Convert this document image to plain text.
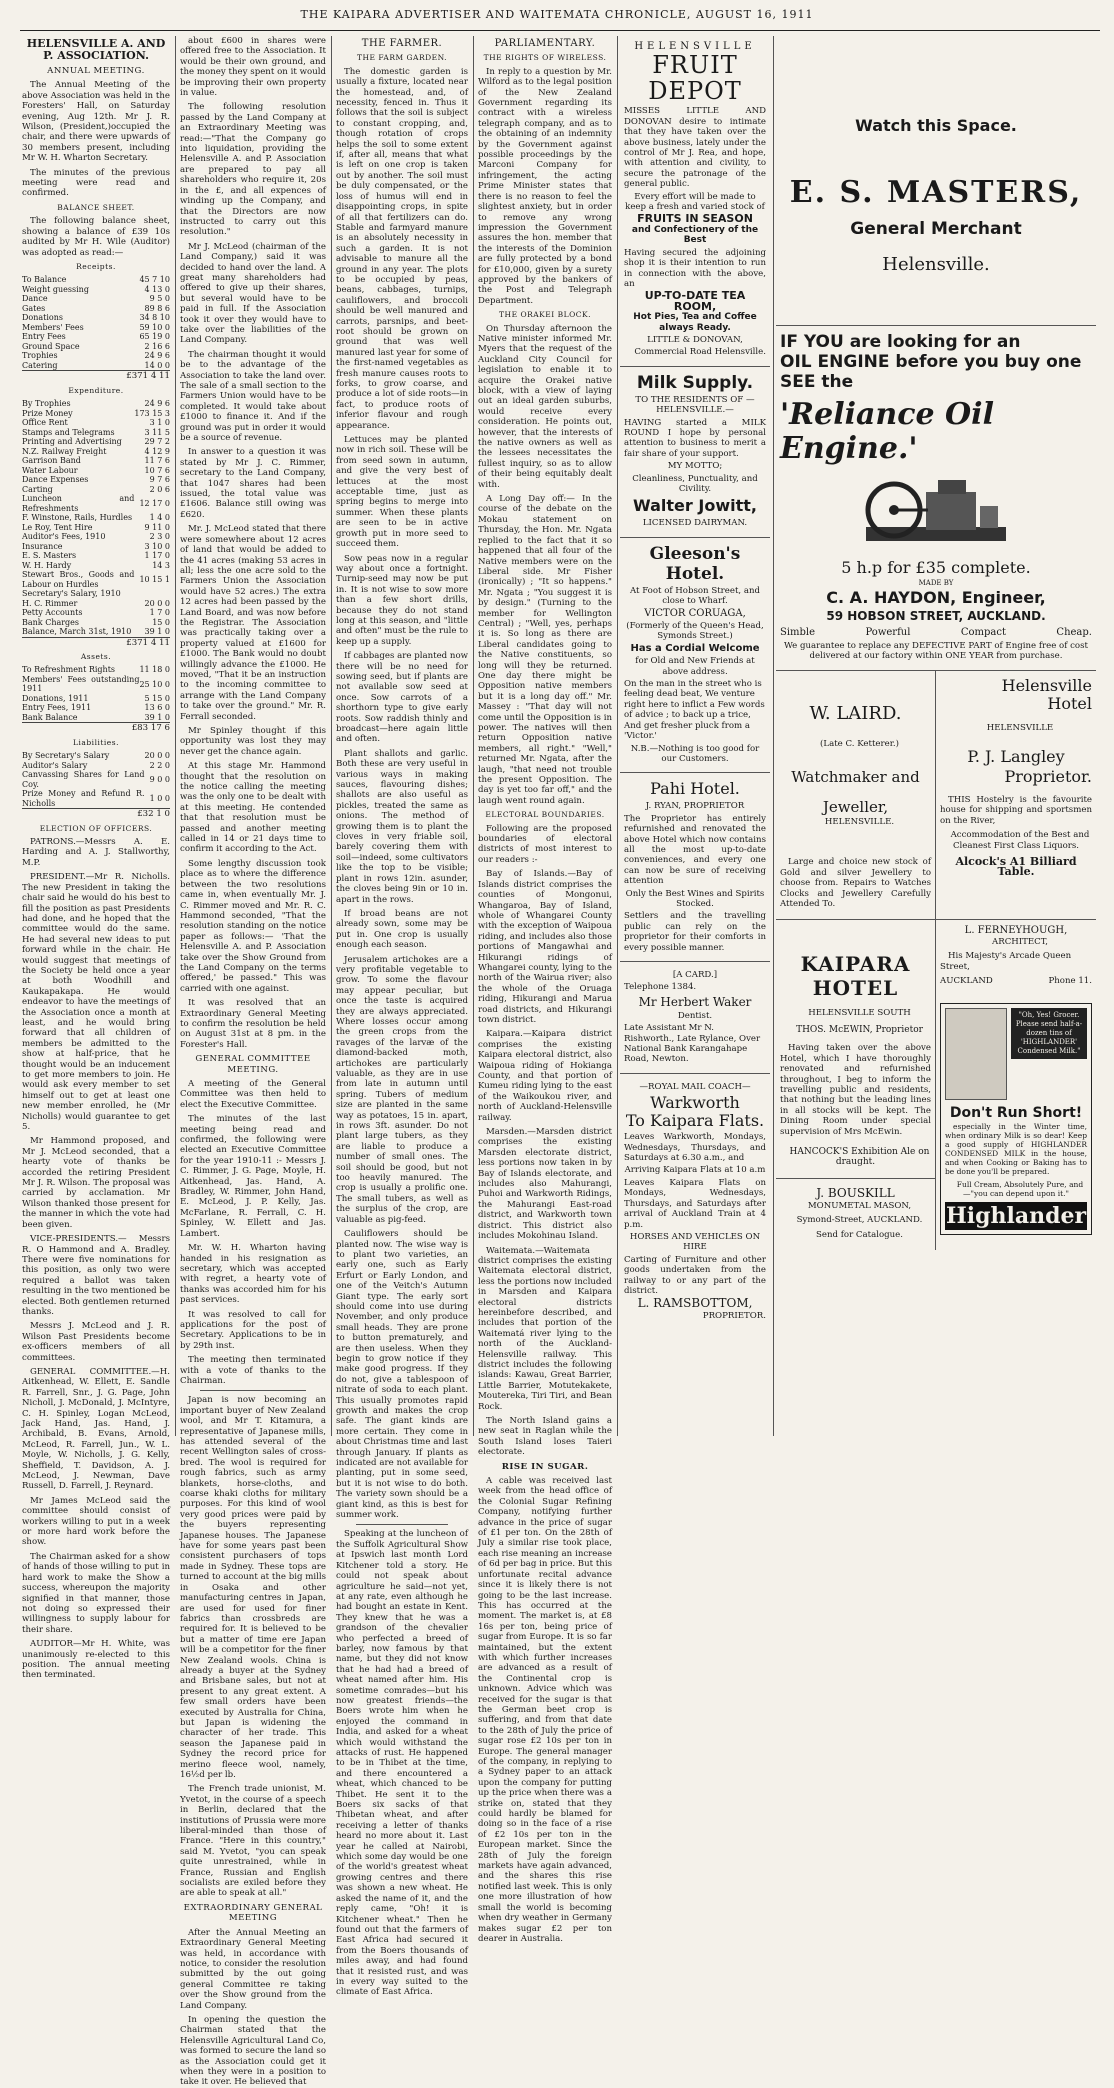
THE KAIPARA ADVERTISER AND WAITEMATA CHRONICLE, AUGUST 16, 1911
HELENSVILLE A. AND P. ASSOCIATION.
ANNUAL MEETING.

The Annual Meeting of the above Association was held in the Foresters' Hall, on Saturday evening, Aug 12th. Mr J. R. Wilson, (President,)occupied the chair, and there were upwards of 30 members present, including Mr W. H. Wharton Secretary.

The minutes of the previous meeting were read and confirmed.

BALANCE SHEET.

The following balance sheet, showing a balance of £39 10s audited by Mr H. Wile (Auditor) was adopted as read:—

Receipts.
To Balance	45 7 10
Weight guessing	4 13 0
Dance	9 5 0
Gates	89 8 6
Donations	34 8 10
Members' Fees	59 10 0
Entry Fees	65 19 0
Ground Space	2 16 6
Trophies	24 9 6
Catering	14 0 0
£371 4 11
Expenditure.
By Trophies	24 9 6
Prize Money	173 15 3
Office Rent	3 1 0
Stamps and Telegrams	3 11 5
Printing and Advertising	29 7 2
N.Z. Railway Freight	4 12 9
Garrison Band	11 7 6
Water Labour	10 7 6
Dance Expenses	9 7 6
Carting	2 0 6
Luncheon and Refreshments	12 17 0
F. Winstone, Rails, Hurdles	1 4 0
Le Roy, Tent Hire	9 11 0
Auditor's Fees, 1910	2 3 0
Insurance	3 10 0
E. S. Masters	1 17 0
W. H. Hardy	14 3
Stewart Bros., Goods and Labour on Hurdles	10 15 1
Secretary's Salary, 1910	
H. C. Rimmer	20 0 0
Petty Accounts	1 7 0
Bank Charges	15 0
Balance, March 31st, 1910	39 1 0
£371 4 11
Assets.
To Refreshment Rights	11 18 0
Members' Fees outstanding 1911	25 10 0
Donations, 1911	5 15 0
Entry Fees, 1911	13 6 0
Bank Balance	39 1 0
£83 17 6
Liabilities.
By Secretary's Salary	20 0 0
Auditor's Salary	2 2 0
Canvassing Shares for Land Coy.	9 0 0
Prize Money and Refund R. Nicholls	1 0 0
£32 1 0
ELECTION OF OFFICERS.

PATRONS.—Messrs A. E. Harding and A. J. Stallworthy, M.P.

PRESIDENT.—Mr R. Nicholls. The new President in taking the chair said he would do his best to fill the position as past Presidents had done, and he hoped that the committee would do the same. He had several new ideas to put forward while in the chair. He would suggest that meetings of the Society be held once a year at both Woodhill and Kaukapakapa. He would endeavor to have the meetings of the Association once a month at least, and he would bring forward that all children of members be admitted to the show at half-price, that he thought would be an inducement to get more members to join. He would ask every member to set himself out to get at least one new member enrolled, he (Mr Nicholls) would guarantee to get 5.

Mr Hammond proposed, and Mr J. McLeod seconded, that a hearty vote of thanks be accorded the retiring President Mr J. R. Wilson. The proposal was carried by acclamation. Mr Wilson thanked those present for the manner in which the vote had been given.

VICE-PRESIDENTS.— Messrs R. O Hammond and A. Bradley. There were five nominations for this position, as only two were required a ballot was taken resulting in the two mentioned be elected. Both gentlemen returned thanks.

Messrs J. McLeod and J. R. Wilson Past Presidents become ex-officers members of all committees.

GENERAL COMMITTEE.—H. Aitkenhead, W. Ellett, E. Sandle R. Farrell, Snr., J. G. Page, John Nicholl, J. McDonald, J. McIntyre, C. H. Spinley, Logan McLeod, Jack Hand, Jas. Hand, J. Archibald, B. Evans, Arnold, McLeod, R. Farrell, Jun., W. L. Moyle, W. Nicholls, J. G. Kelly, Sheffield, T. Davidson, A. J. McLeod, J. Newman, Dave Russell, D. Farrell, J. Reynard.

Mr James McLeod said the committee should consist of workers willing to put in a week or more hard work before the show.

The Chairman asked for a show of hands of those willing to put in hard work to make the Show a success, whereupon the majority signified in that manner, those not doing so expressed their willingness to supply labour for their share.

AUDITOR—Mr H. White, was unanimously re-elected to this position. The annual meeting then terminated.

about £600 in shares were offered free to the Association. It would be their own ground, and the money they spent on it would be improving their own property in value.

The following resolution passed by the Land Company at an Extraordinary Meeting was read:—"That the Company go into liquidation, providing the Helensville A. and P. Association are prepared to pay all shareholders who require it, 20s in the £, and all expences of winding up the Company, and that the Directors are now instructed to carry out this resolution."

Mr J. McLeod (chairman of the Land Company,) said it was decided to hand over the land. A great many shareholders had offered to give up their shares, but several would have to be paid in full. If the Association took it over they would have to take over the liabilities of the Land Company.

The chairman thought it would be to the advantage of the Association to take the land over. The sale of a small section to the Farmers Union would have to be completed. It would take about £1000 to finance it. And if the ground was put in order it would be a source of revenue.

In answer to a question it was stated by Mr J. C. Rimmer, secretary to the Land Company, that 1047 shares had been issued, the total value was £1606. Balance still owing was £620.

Mr. J. McLeod stated that there were somewhere about 12 acres of land that would be added to the 41 acres (making 53 acres in all; less the one acre sold to the Farmers Union the Association would have 52 acres.) The extra 12 acres had been passed by the Land Board, and was now before the Registrar. The Association was practically taking over a property valued at £1600 for £1000. The Bank would no doubt willingly advance the £1000. He moved, "That it be an instruction to the incoming committee to arrange with the Land Company to take over the ground." Mr. R. Ferrall seconded.

Mr Spinley thought if this opportunity was lost they may never get the chance again.

At this stage Mr. Hammond thought that the resolution on the notice calling the meeting was the only one to be dealt with at this meeting. He contended that that resolution must be passed and another meeting called in 14 or 21 days time to confirm it according to the Act.

Some lengthy discussion took place as to where the difference between the two resolutions came in, when eventually Mr. J. C. Rimmer moved and Mr. R. C. Hammond seconded, "That the resolution standing on the notice paper as follows:— 'That the Helensville A. and P. Association take over the Show Ground from the Land Company on the terms offered,' be passed." This was carried with one against.

It was resolved that an Extraordinary General Meeting to confirm the resolution be held on August 31st at 8 pm. in the Forester's Hall.

GENERAL COMMITTEE MEETING.

A meeting of the General Committee was then held to elect the Executive Committee.

The minutes of the last meeting being read and confirmed, the following were elected an Executive Committee for the year 1910-11 :- Messrs J. C. Rimmer, J. G. Page, Moyle, H. Aitkenhead, Jas. Hand, A. Bradley, W. Rimmer, John Hand, E. McLeod, J. P. Kelly, Jas. McFarlane, R. Ferrall, C. H. Spinley, W. Ellett and Jas. Lambert.

Mr. W. H. Wharton having handed in his resignation as secretary, which was accepted with regret, a hearty vote of thanks was accorded him for his past services.

It was resolved to call for applications for the post of Secretary. Applications to be in by 29th inst.

The meeting then terminated with a vote of thanks to the Chairman.

Japan is now becoming an important buyer of New Zealand wool, and Mr T. Kitamura, a representative of Japanese mills, has attended several of the recent Wellington sales of cross-bred. The wool is required for rough fabrics, such as army blankets, horse-cloths, and coarse khaki cloths for military purposes. For this kind of wool very good prices were paid by the buyers representing Japanese houses. The Japanese have for some years past been consistent purchasers of tops made in Sydney. These tops are turned to account at the big mills in Osaka and other manufacturing centres in Japan, are used for used for finer fabrics than crossbreds are required for. It is believed to be but a matter of time ere Japan will be a competitor for the finer New Zealand wools. China is already a buyer at the Sydney and Brisbane sales, but not at present to any great extent. A few small orders have been executed by Australia for China, but Japan is widening the character of her trade. This season the Japanese paid in Sydney the record price for merino fleece wool, namely, 16½d per lb.

The French trade unionist, M. Yvetot, in the course of a speech in Berlin, declared that the institutions of Prussia were more liberal-minded than those of France. "Here in this country," said M. Yvetot, "you can speak quite unrestrained, while in France, Russian and English socialists are exiled before they are able to speak at all."

EXTRAORDINARY GENERAL MEETING

After the Annual Meeting an Extraordinary General Meeting was held, in accordance with notice, to consider the resolution submitted by the out going general Committee re taking over the Show ground from the Land Company.

In opening the question the Chairman stated that the Helensville Agricultural Land Co, was formed to secure the land so as the Association could get it when they were in a position to take it over. He believed that

THE FARMER.
THE FARM GARDEN.

The domestic garden is usually a fixture, located near the homestead, and, of necessity, fenced in. Thus it follows that the soil is subject to constant cropping, and, though rotation of crops helps the soil to some extent if, after all, means that what is left on one crop is taken out by another. The soil must be duly compensated, or the loss of humus will end in disappointing crops, in spite of all that fertilizers can do. Stable and farmyard manure is an absolutely necessity in such a garden. It is not advisable to manure all the ground in any year. The plots to be occupied by peas, beans, cabbages, turnips, cauliflowers, and broccoli should be well manured and carrots, parsnips, and beet-root should be grown on ground that was well manured last year for some of the first-named vegetables as fresh manure causes roots to forks, to grow coarse, and produce a lot of side roots—in fact, to produce roots of inferior flavour and rough appearance.

Lettuces may be planted now in rich soil. These will be from seed sown in autumn, and give the very best of lettuces at the most acceptable time, just as spring begins to merge into summer. When these plants are seen to be in active growth put in more seed to succeed them.

Sow peas now in a regular way about once a fortnight. Turnip-seed may now be put in. It is not wise to sow more than a few short drills, because they do not stand long at this season, and "little and often" must be the rule to keep up a supply.

If cabbages are planted now there will be no need for sowing seed, but if plants are not available sow seed at once. Sow carrots of a shorthorn type to give early roots. Sow raddish thinly and broadcast—here again little and often.

Plant shallots and garlic. Both these are very useful in various ways in making sauces, flavouring dishes; shallots are also useful as pickles, treated the same as onions. The method of growing them is to plant the cloves in very friable soil, barely covering them with soil—indeed, some cultivators like the top to be visible; plant in rows 12in. asunder, the cloves being 9in or 10 in. apart in the rows.

If broad beans are not already sown, some may be put in. One crop is usually enough each season.

Jerusalem artichokes are a very profitable vegetable to grow. To some the flavour may appear peculiar, but once the taste is acquired they are always appreciated. Where losses occur among the green crops from the ravages of the larvæ of the diamond-backed moth, artichokes are particularly valuable, as they are in use from late in autumn until spring. Tubers of medium size are planted in the same way as potatoes, 15 in. apart, in rows 3ft. asunder. Do not plant large tubers, as they are liable to produce a number of small ones. The soil should be good, but not too heavily manured. The crop is usually a prolific one. The small tubers, as well as the surplus of the crop, are valuable as pig-feed.

Cauliflowers should be planted now. The wise way is to plant two varieties, an early one, such as Early Erfurt or Early London, and one of the Veitch's Autumn Giant type. The early sort should come into use during November, and only produce small heads. They are prone to button prematurely, and are then useless. When they begin to grow notice if they make good progress. If they do not, give a tablespoon of nitrate of soda to each plant. This usually promotes rapid growth and makes the crop safe. The giant kinds are more certain. They come in about Christmas time and last through January. If plants as indicated are not available for planting, put in some seed, but it is not wise to do both. The variety sown should be a giant kind, as this is best for summer work.

Speaking at the luncheon of the Suffolk Agricultural Show at Ipswich last month Lord Kitchener told a story. He could not speak about agriculture he said—not yet, at any rate, even although he had bought an estate in Kent. They knew that he was a grandson of the chevalier who perfected a breed of barley, now famous by that name, but they did not know that he had had a breed of wheat named after him. His sometime comrades—but his now greatest friends—the Boers wrote him when he enjoyed the command in India, and asked for a wheat which would withstand the attacks of rust. He happened to be in Thibet at the time, and there encountered a wheat, which chanced to be Thibet. He sent it to the Boers six sacks of that Thibetan wheat, and after receiving a letter of thanks heard no more about it. Last year he called at Nairobi, which some day would be one of the world's greatest wheat growing centres and there was shown a new wheat. He asked the name of it, and the reply came, "Oh! it is Kitchener wheat." Then he found out that the farmers of East Africa had secured it from the Boers thousands of miles away, and had found that it resisted rust, and was in every way suited to the climate of East Africa.

PARLIAMENTARY.
THE RIGHTS OF WIRELESS.

In reply to a question by Mr. Wilford as to the legal position of the New Zealand Government regarding its contract with a wireless telegraph company, and as to the obtaining of an indemnity by the Government against possible proceedings by the Marconi Company for infringement, the acting Prime Minister states that there is no reason to feel the slightest anxiety, but in order to remove any wrong impression the Government assures the hon. member that the interests of the Dominion are fully protected by a bond for £10,000, given by a surety approved by the bankers of the Post and Telegraph Department.

THE ORAKEI BLOCK.

On Thursday afternoon the Native minister informed Mr. Myers that the request of the Auckland City Council for legislation to enable it to acquire the Orakei native block, with a view of laying out an ideal garden suburbs, would receive every consideration. He points out, however, that the interests of the native owners as well as the lessees necessitates the fullest inquiry, so as to allow of their being equitably dealt with.

A Long Day off:— In the course of the debate on the Mokau statement on Thursday, the Hon. Mr. Ngata replied to the fact that it so happened that all four of the Native members were on the Liberal side. Mr Fisher (ironically) ; "It so happens." Mr. Ngata ; "You suggest it is by design." (Turning to the member for Wellington Central) ; "Well, yes, perhaps it is. So long as there are Liberal candidates going to the Native constituents, so long will they be returned. One day there might be Opposition native members but it is a long day off." Mr. Massey : "That day will not come until the Opposition is in power. The natives will then return Opposition native members, all right." "Well," returned Mr. Ngata, after the laugh, "that need not trouble the present Opposition. The day is yet too far off," and the laugh went round again.

ELECTORAL BOUNDARIES.

Following are the proposed boundaries of electoral districts of most interest to our readers :-

Bay of Islands.—Bay of Islands district comprises the counties of Mongonui, Whangaroa, Bay of Island, whole of Whangarei County with the exception of Waipoua riding, and includes also those portions of Mangawhai and Hikurangi ridings of Whangarei county, lying to the north of the Wairua river; also the whole of the Oruaga riding, Hikurangi and Marua road districts, and Hikurangi town district.

Kaipara.—Kaipara district comprises the existing Kaipara electoral district, also Waipoua riding of Hokianga County, and that portion of Kumeu riding lying to the east of the Waikoukou river, and north of Auckland-Helensville railway.

Marsden.—Marsden district comprises the existing Marsden electorate district, less portions now taken in by Bay of Islands electorate, and includes also Mahurangi, Puhoi and Warkworth Ridings, the Mahurangi East-road district, and Warkworth town district. This district also includes Mokohinau Island.

Waitemata.—Waitemata district comprises the existing Waitemata electoral district, less the portions now included in Marsden and Kaipara electoral districts hereinbefore described, and includes that portion of the Waitematá river lying to the north of the Auckland-Helensville railway. This district includes the following islands: Kawau, Great Barrier, Little Barrier, Motutekakete, Moutereka, Tiri Tiri, and Bean Rock.

The North Island gains a new seat in Raglan while the South Island loses Taieri electorate.

RISE IN SUGAR.

A cable was received last week from the head office of the Colonial Sugar Refining Company, notifying further advance in the price of sugar of £1 per ton. On the 28th of July a similar rise took place, each rise meaning an increase of 6d per bag in price. But this unfortunate recital advance since it is likely there is not going to be the last increase. This has occurred at the moment. The market is, at £8 16s per ton, being price of sugar from Europe. It is so far maintained, but the extent with which further increases are advanced as a result of the Continental crop is unknown. Advice which was received for the sugar is that the German beet crop is suffering, and from that date to the 28th of July the price of sugar rose £2 10s per ton in Europe. The general manager of the company, in replying to a Sydney paper to an attack upon the company for putting up the price when there was a strike on, stated that they could hardly be blamed for doing so in the face of a rise of £2 10s per ton in the European market. Since the 28th of July the foreign markets have again advanced, and the shares this rise notified last week. This is only one more illustration of how small the world is becoming when dry weather in Germany makes sugar £2 per ton dearer in Australia.

HELENSVILLE
FRUIT DEPOT

MISSES LITTLE AND DONOVAN desire to intimate that they have taken over the above business, lately under the control of Mr J. Rea, and hope, with attention and civility, to secure the patronage of the general public.

Every effort will be made to keep a fresh and varied stock of

FRUITS IN SEASON
and Confectionery of the Best

Having secured the adjoining shop it is their intention to run in connection with the above, an

UP-TO-DATE TEA ROOM,
Hot Pies, Tea and Coffee always Ready.

LITTLE & DONOVAN,

Commercial Road Helensville.

Milk Supply.

TO THE RESIDENTS OF —HELENSVILLE.—

HAVING started a MILK ROUND I hope by personal attention to business to merit a fair share of your support.

MY MOTTO;

Cleanliness, Punctuality, and Civility.

Walter Jowitt,

LICENSED DAIRYMAN.

Gleeson's Hotel.

At Foot of Hobson Street, and close to Wharf.

VICTOR CORUAGA,

(Formerly of the Queen's Head, Symonds Street.)

Has a Cordial Welcome

for Old and New Friends at above address.

On the man in the street who is feeling dead beat, We venture right here to inflict a Few words of advice ; to back up a trice, And get fresher pluck from a 'Victor.'

N.B.—Nothing is too good for our Customers.

Pahi Hotel.

J. RYAN, PROPRIETOR

The Proprietor has entirely refurnished and renovated the above Hotel which now contains all the most up-to-date conveniences, and every one can now be sure of receiving attention

Only the Best Wines and Spirits Stocked.

Settlers and the travelling public can rely on the proprietor for their comforts in every possible manner.

[A CARD.]

Telephone 1384.

Mr Herbert Waker

Dentist.

Late Assistant Mr N. Rishworth., Late Rylance, Over National Bank Karangahape Road, Newton.

—ROYAL MAIL COACH—

Warkworth
To Kaipara Flats.

Leaves Warkworth, Mondays, Wednesdays, Thursdays, and Saturdays at 6.30 a.m., and

Arriving Kaipara Flats at 10 a.m

Leaves Kaipara Flats on Mondays, Wednesdays, Thursdays, and Saturdays after arrival of Auckland Train at 4 p.m.

HORSES AND VEHICLES ON HIRE

Carting of Furniture and other goods undertaken from the railway to or any part of the district.

L. RAMSBOTTOM,

PROPRIETOR.

Watch this Space.
E. S. MASTERS,
General Merchant
Helensville.
IF YOU are looking for an
OIL ENGINE before you buy one
SEE the
'Reliance Oil Engine.'
5 h.p for £35 complete.
MADE BY
C. A. HAYDON, Engineer,
59 HOBSON STREET, AUCKLAND.
Simble	Powerful	Compact	Cheap.

We guarantee to replace any DEFECTIVE PART of Engine free of cost delivered at our factory within ONE YEAR from purchase.

W. LAIRD.

(Late C. Ketterer.)

Watchmaker and
Jeweller,

HELENSVILLE.

Large and choice new stock of Gold and silver Jewellery to choose from. Repairs to Watches Clocks and Jewellery Carefully Attended To.

Helensville
Hotel

HELENSVILLE

P. J. Langley
Proprietor.

THIS Hostelry is the favourite house for shipping and sportsmen on the River,

Accommodation of the Best and Cleanest First Class Liquors.

Alcock's A1 Billiard Table.
KAIPARA HOTEL

HELENSVILLE SOUTH

THOS. McEWIN, Proprietor

Having taken over the above Hotel, which I have thoroughly renovated and refurnished throughout, I beg to inform the travelling public and residents, that nothing but the leading lines in all stocks will be kept. The Dining Room under special supervision of Mrs McEwin.

HANCOCK'S Exhibition Ale on draught.

J. BOUSKILL

MONUMETAL MASON,

Symond-Street, AUCKLAND.

Send for Catalogue.

L. FERNEYHOUGH,

ARCHITECT,

His Majesty's Arcade Queen Street,

AUCKLAND	Phone 11.
"Oh, Yes! Grocer. Please send half-a-dozen tins of 'HIGHLANDER' Condensed Milk."
Don't Run Short!

especially in the Winter time, when ordinary Milk is so dear! Keep a good supply of HIGHLANDER CONDENSED MILK in the house, and when Cooking or Baking has to be done you'll be prepared.

Full Cream, Absolutely Pure, and—"you can depend upon it."

Highlander
